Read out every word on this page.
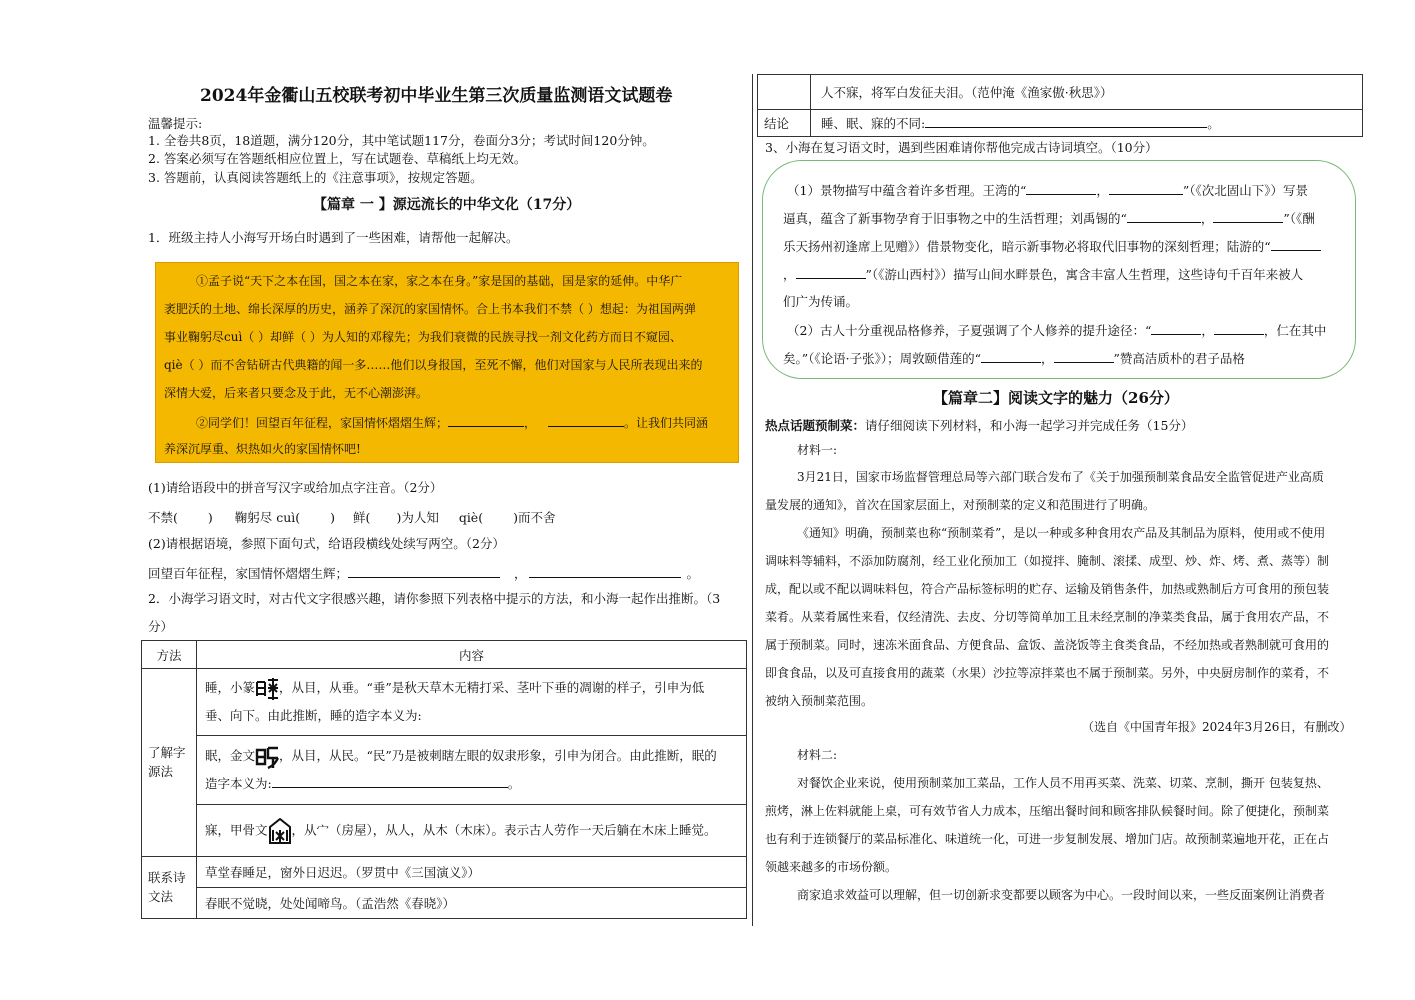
2024年金衢山五校联考初中毕业生第三次质量监测语文试题卷
温馨提示:
1. 全卷共8页，18道题，满分120分，其中笔试题117分，卷面分3分；考试时间120分钟。
2. 答案必须写在答题纸相应位置上，写在试题卷、草稿纸上均无效。
3. 答题前，认真阅读答题纸上的《注意事项》，按规定答题。
【篇章 一 】源远流长的中华文化（17分）
1．班级主持人小海写开场白时遇到了一些困难，请帮他一起解决。
①孟子说“天下之本在国，国之本在家，家之本在身。”家是国的基础，国是家的延伸。中华广
袤肥沃的土地、绵长深厚的历史，涵养了深沉的家国情怀。合上书本我们不禁（ ）想起：为祖国两弹
事业鞠躬尽cuì（ ）却鲜（ ）为人知的邓稼先；为我们衰微的民族寻找一剂文化药方而日不窥园、
qiè（ ）而不舍钻研古代典籍的闻一多……他们以身报国，至死不懈，他们对国家与人民所表现出来的
深情大爱，后来者只要念及于此，无不心潮澎湃。
②同学们！回望百年征程，家国情怀熠熠生辉；	，	。让我们共同涵
养深沉厚重、炽热如火的家国情怀吧!
(1)请给语段中的拼音写汉字或给加点字注音。（2分）
不禁( ) 鞠躬尽 cuì( ) 鲜( )为人知 qiè( )而不舍
(2)请根据语境，参照下面句式，给语段横线处续写两空。（2分）
回望百年征程，家国情怀熠熠生辉；	，	。
2．小海学习语文时，对古代文字很感兴趣，请你参照下列表格中提示的方法，和小海一起作出推断。（3
分）
方法	内容

了解字源法	睡，小篆 ，从目，从垂。“垂”是秋天草木无精打采、茎叶下垂的凋谢的样子，引申为低
垂、向下。由此推断，睡的造字本义为:

	眠，金文 ，从目，从民。“民”乃是被刺瞎左眼的奴隶形象，引申为闭合。由此推断，眠的
造字本义为: 。

	寐，甲骨文 ，从宀（房屋），从人，从木（木床）。表示古人劳作一天后躺在木床上睡觉。

联系诗文法	草堂春睡足，窗外日迟迟。（罗贯中《三国演义》）
	春眠不觉晓，处处闻啼鸟。（孟浩然《春晓》）
	人不寐，将军白发征夫泪。（范仲淹《渔家傲·秋思》）
结论	睡、眠、寐的不同: 。
3、小海在复习语文时，遇到些困难请你帮他完成古诗词填空。（10分）
（1）景物描写中蕴含着许多哲理。王湾的“	，	”（《次北固山下》）写景
逼真，蕴含了新事物孕育于旧事物之中的生活哲理；刘禹锡的“	，	”（《酬
乐天扬州初逢席上见赠》）借景物变化，暗示新事物必将取代旧事物的深刻哲理；陆游的“
，	”（《游山西村》）描写山间水畔景色，寓含丰富人生哲理，这些诗句千百年来被人
们广为传诵。
（2）古人十分重视品格修养，子夏强调了个人修养的提升途径：“	，	，仁在其中
矣。”（《论语·子张》）；周敦颐借莲的“	，	”赞高洁质朴的君子品格
【篇章二】阅读文字的魅力（26分）
热点话题预制菜：请仔细阅读下列材料，和小海一起学习并完成任务（15分）
材料一:
3月21日，国家市场监督管理总局等六部门联合发布了《关于加强预制菜食品安全监管促进产业高质
量发展的通知》，首次在国家层面上，对预制菜的定义和范围进行了明确。
《通知》明确，预制菜也称“预制菜肴”，是以一种或多种食用农产品及其制品为原料，使用或不使用
调味料等辅料，不添加防腐剂，经工业化预加工（如搅拌、腌制、滚揉、成型、炒、炸、烤、煮、蒸等）制
成，配以或不配以调味料包，符合产品标签标明的贮存、运输及销售条件，加热或熟制后方可食用的预包装
菜肴。从菜肴属性来看，仅经清洗、去皮、分切等简单加工且未经烹制的净菜类食品，属于食用农产品，不
属于预制菜。同时，速冻米面食品、方便食品、盒饭、盖浇饭等主食类食品，不经加热或者熟制就可食用的
即食食品，以及可直接食用的蔬菜（水果）沙拉等凉拌菜也不属于预制菜。另外，中央厨房制作的菜肴，不
被纳入预制菜范围。
（选自《中国青年报》2024年3月26日，有删改）
材料二:
对餐饮企业来说，使用预制菜加工菜品，工作人员不用再买菜、洗菜、切菜、烹制，撕开 包装复热、
煎烤，淋上佐料就能上桌，可有效节省人力成本，压缩出餐时间和顾客排队候餐时间。除了便捷化，预制菜
也有利于连锁餐厅的菜品标准化、味道统一化，可进一步复制发展、增加门店。故预制菜遍地开花，正在占
领越来越多的市场份额。
商家追求效益可以理解，但一切创新求变都要以顾客为中心。一段时间以来，一些反面案例让消费者
